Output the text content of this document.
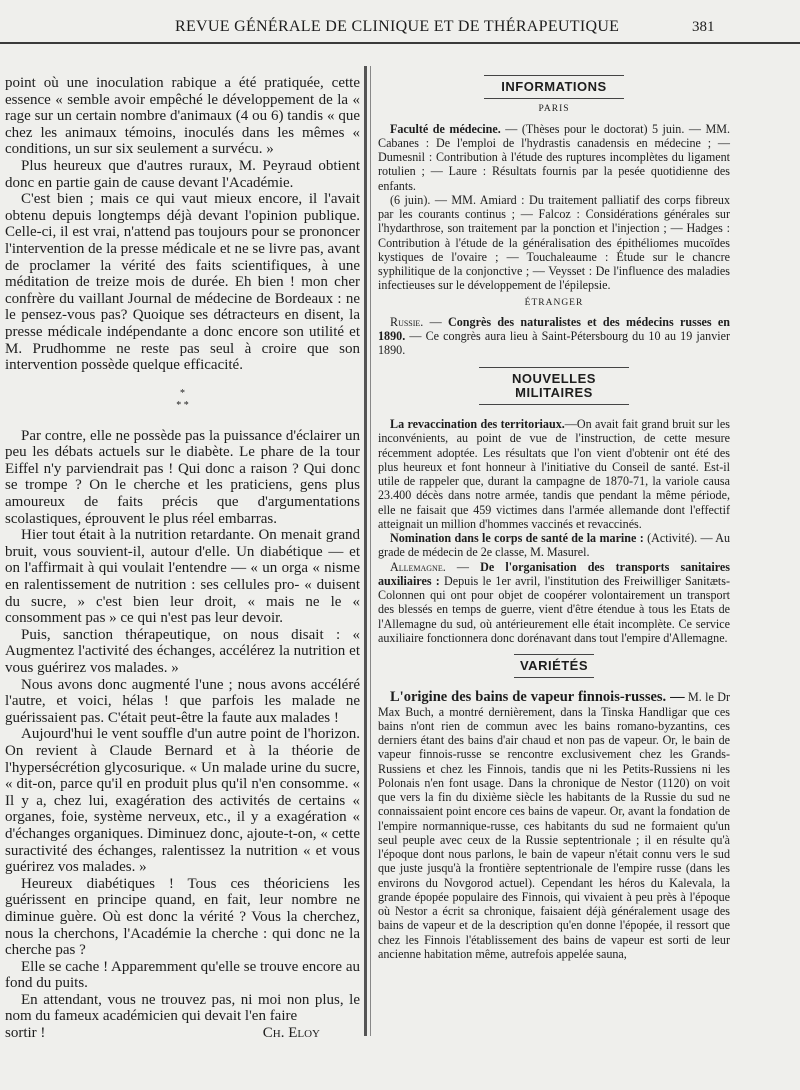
REVUE GÉNÉRALE DE CLINIQUE ET DE THÉRAPEUTIQUE	381

point où une inoculation rabique a été pratiquée, cette essence « semble avoir empêché le développement de la « rage sur un certain nombre d'animaux (4 ou 6) tandis « que chez les animaux témoins, inoculés dans les mêmes « conditions, un sur six seulement a survécu. »

Plus heureux que d'autres ruraux, M. Peyraud obtient donc en partie gain de cause devant l'Académie.

C'est bien ; mais ce qui vaut mieux encore, il l'avait obtenu depuis longtemps déjà devant l'opinion publique. Celle-ci, il est vrai, n'attend pas toujours pour se prononcer l'intervention de la presse médicale et ne se livre pas, avant de proclamer la vérité des faits scientifiques, à une méditation de treize mois de durée. Eh bien ! mon cher confrère du vaillant Journal de médecine de Bordeaux : ne le pensez-vous pas? Quoique ses détracteurs en disent, la presse médicale indépendante a donc encore son utilité et M. Prudhomme ne reste pas seul à croire que son intervention possède quelque efficacité.

*
* *

Par contre, elle ne possède pas la puissance d'éclairer un peu les débats actuels sur le diabète. Le phare de la tour Eiffel n'y parviendrait pas ! Qui donc a raison ? Qui donc se trompe ? On le cherche et les praticiens, gens plus amoureux de faits précis que d'argumentations scolastiques, éprouvent le plus réel embarras.

Hier tout était à la nutrition retardante. On menait grand bruit, vous souvient-il, autour d'elle. Un diabétique — et on l'affirmait à qui voulait l'entendre — « un orga « nisme en ralentissement de nutrition : ses cellules pro- « duisent du sucre, » c'est bien leur droit, « mais ne le « consomment pas » ce qui n'est pas leur devoir.

Puis, sanction thérapeutique, on nous disait : « Augmentez l'activité des échanges, accélérez la nutrition et vous guérirez vos malades. »

Nous avons donc augmenté l'une ; nous avons accéléré l'autre, et voici, hélas ! que parfois les malade ne guérissaient pas. C'était peut-être la faute aux malades !

Aujourd'hui le vent souffle d'un autre point de l'horizon. On revient à Claude Bernard et à la théorie de l'hypersécrétion glycosurique. « Un malade urine du sucre, « dit-on, parce qu'il en produit plus qu'il n'en consomme. « Il y a, chez lui, exagération des activités de certains « organes, foie, système nerveux, etc., il y a exagération « d'échanges organiques. Diminuez donc, ajoute-t-on, « cette suractivité des échanges, ralentissez la nutrition « et vous guérirez vos malades. »

Heureux diabétiques ! Tous ces théoriciens les guérissent en principe quand, en fait, leur nombre ne diminue guère. Où est donc la vérité ? Vous la cherchez, nous la cherchons, l'Académie la cherche : qui donc ne la cherche pas ?

Elle se cache ! Apparemment qu'elle se trouve encore au fond du puits.

En attendant, vous ne trouvez pas, ni moi non plus, le nom du fameux académicien qui devait l'en faire

sortir !	Ch. Eloy
INFORMATIONS
PARIS

Faculté de médecine. — (Thèses pour le doctorat) 5 juin. — MM. Cabanes : De l'emploi de l'hydrastis canadensis en médecine ; — Dumesnil : Contribution à l'étude des ruptures incomplètes du ligament rotulien ; — Laure : Résultats fournis par la pesée quotidienne des enfants.

(6 juin). — MM. Amiard : Du traitement palliatif des corps fibreux par les courants continus ; — Falcoz : Considérations générales sur l'hydarthrose, son traitement par la ponction et l'injection ; — Hadges : Contribution à l'étude de la généralisation des épithéliomes mucoïdes kystiques de l'ovaire ; — Touchaleaume : Étude sur le chancre syphilitique de la conjonctive ; — Veysset : De l'influence des maladies infectieuses sur le développement de l'épilepsie.

ÉTRANGER

Russie. — Congrès des naturalistes et des médecins russes en 1890. — Ce congrès aura lieu à Saint-Pétersbourg du 10 au 19 janvier 1890.

NOUVELLES MILITAIRES

La revaccination des territoriaux.—On avait fait grand bruit sur les inconvénients, au point de vue de l'instruction, de cette mesure récemment adoptée. Les résultats que l'on vient d'obtenir ont été des plus heureux et font honneur à l'initiative du Conseil de santé. Est-il utile de rappeler que, durant la campagne de 1870-71, la variole causa 23.400 décès dans notre armée, tandis que pendant la même période, elle ne faisait que 459 victimes dans l'armée allemande dont l'effectif atteignait un million d'hommes vaccinés et revaccinés.

Nomination dans le corps de santé de la marine : (Activité). — Au grade de médecin de 2e classe, M. Masurel.

Allemagne. — De l'organisation des transports sanitaires auxiliaires : Depuis le 1er avril, l'institution des Freiwilliger Sanitæts-Colonnen qui ont pour objet de coopérer volontairement un transport des blessés en temps de guerre, vient d'être étendue à tous les Etats de l'Allemagne du sud, où antérieurement elle était incomplète. Ce service auxiliaire fonctionnera donc dorénavant dans tout l'empire d'Allemagne.

VARIÉTÉS

L'origine des bains de vapeur finnois-russes. — M. le Dr Max Buch, a montré dernièrement, dans la Tinska Handligar que ces bains n'ont rien de commun avec les bains romano-byzantins, ces derniers étant des bains d'air chaud et non pas de vapeur. Or, le bain de vapeur finnois-russe se rencontre exclusivement chez les Grands-Russiens et chez les Finnois, tandis que ni les Petits-Russiens ni les Polonais n'en font usage. Dans la chronique de Nestor (1120) on voit que vers la fin du dixième siècle les habitants de la Russie du sud ne connaissaient point encore ces bains de vapeur. Or, avant la fondation de l'empire normannique-russe, ces habitants du sud ne formaient qu'un seul peuple avec ceux de la Russie septentrionale ; il en résulte qu'à l'époque dont nous parlons, le bain de vapeur n'était connu vers le sud que juste jusqu'à la frontière septentrionale de l'empire russe (dans les environs du Novgorod actuel). Cependant les héros du Kalevala, la grande épopée populaire des Finnois, qui vivaient à peu près à l'époque où Nestor a écrit sa chronique, faisaient déjà généralement usage des bains de vapeur et de la description qu'en donne l'épopée, il ressort que chez les Finnois l'établissement des bains de vapeur est sorti de leur ancienne habitation même, autrefois appelée sauna,
